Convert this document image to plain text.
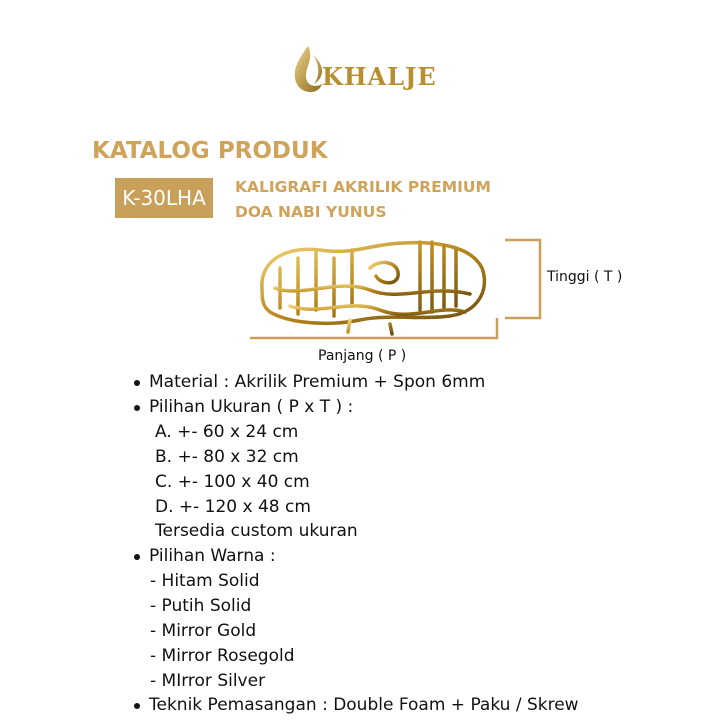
KHALJE
KATALOG PRODUK
K-30LHA	KALIGRAFI AKRILIK PREMIUM
DOA NABI YUNUS
Tinggi ( T )
Panjang ( P )
Material : Akrilik Premium + Spon 6mm
Pilihan Ukuran ( P x T ) :
A. +- 60 x 24 cm
B. +- 80 x 32 cm
C. +- 100 x 40 cm
D. +- 120 x 48 cm
Tersedia custom ukuran
Pilihan Warna :
- Hitam Solid
- Putih Solid
- Mirror Gold
- Mirror Rosegold
- MIrror Silver
Teknik Pemasangan : Double Foam + Paku / Skrew
